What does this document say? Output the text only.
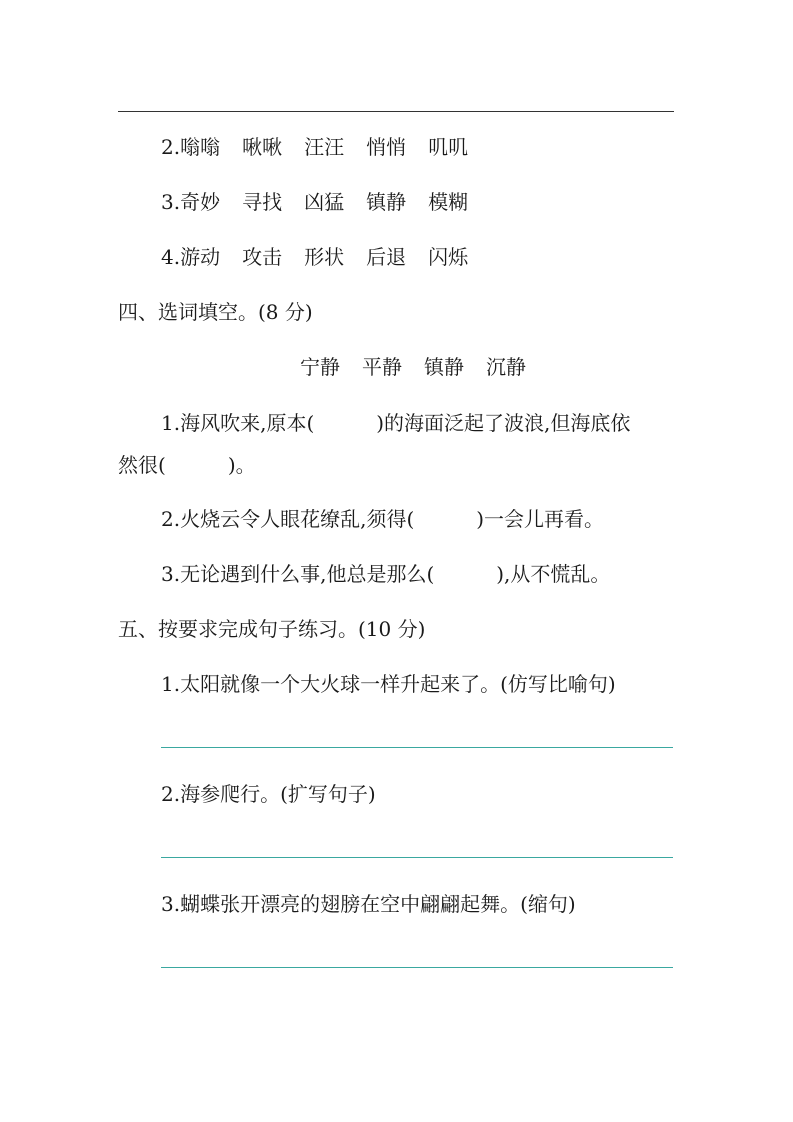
2.嗡嗡 啾啾 汪汪 悄悄 叽叽
3.奇妙 寻找 凶猛 镇静 模糊
4.游动 攻击 形状 后退 闪烁
四、选词填空。(8 分)
宁静 平静 镇静 沉静
1.海风吹来,原本(	)的海面泛起了波浪,但海底依
然很(	)。
2.火烧云令人眼花缭乱,须得(	)一会儿再看。
3.无论遇到什么事,他总是那么(	),从不慌乱。
五、按要求完成句子练习。(10 分)
1.太阳就像一个大火球一样升起来了。(仿写比喻句)
2.海参爬行。(扩写句子)
3.蝴蝶张开漂亮的翅膀在空中翩翩起舞。(缩句)
